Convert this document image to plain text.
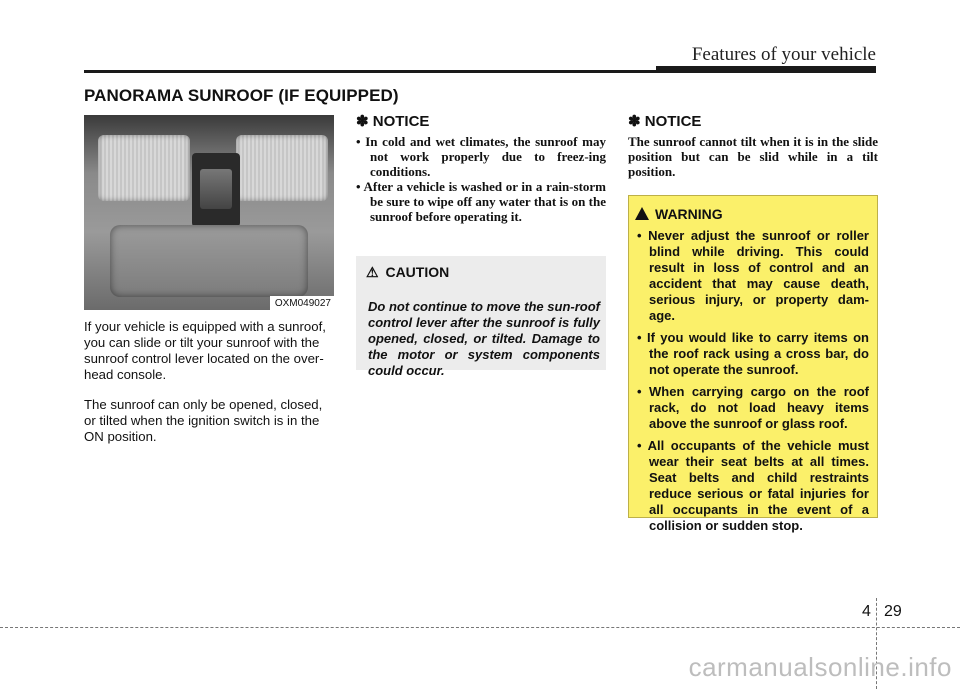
Features of your vehicle
PANORAMA SUNROOF (IF EQUIPPED)
OXM049027
If your vehicle is equipped with a sunroof, you can slide or tilt your sunroof with the sunroof control lever located on the over-head console.
The sunroof can only be opened, closed, or tilted when the ignition switch is in the ON position.
✽ NOTICE
• In cold and wet climates, the sunroof may not work properly due to freez-ing conditions.
• After a vehicle is washed or in a rain-storm be sure to wipe off any water that is on the sunroof before operating it.
⚠ CAUTION
Do not continue to move the sun-roof control lever after the sunroof is fully opened, closed, or tilted. Damage to the motor or system components could occur.
✽ NOTICE
The sunroof cannot tilt when it is in the slide position but can be slid while in a tilt position.
WARNING
• Never adjust the sunroof or roller blind while driving. This could result in loss of control and an accident that may cause death, serious injury, or property dam-age.
• If you would like to carry items on the roof rack using a cross bar, do not operate the sunroof.
• When carrying cargo on the roof rack, do not load heavy items above the sunroof or glass roof.
• All occupants of the vehicle must wear their seat belts at all times. Seat belts and child restraints reduce serious or fatal injuries for all occupants in the event of a collision or sudden stop.
4 29
carmanualsonline.info
